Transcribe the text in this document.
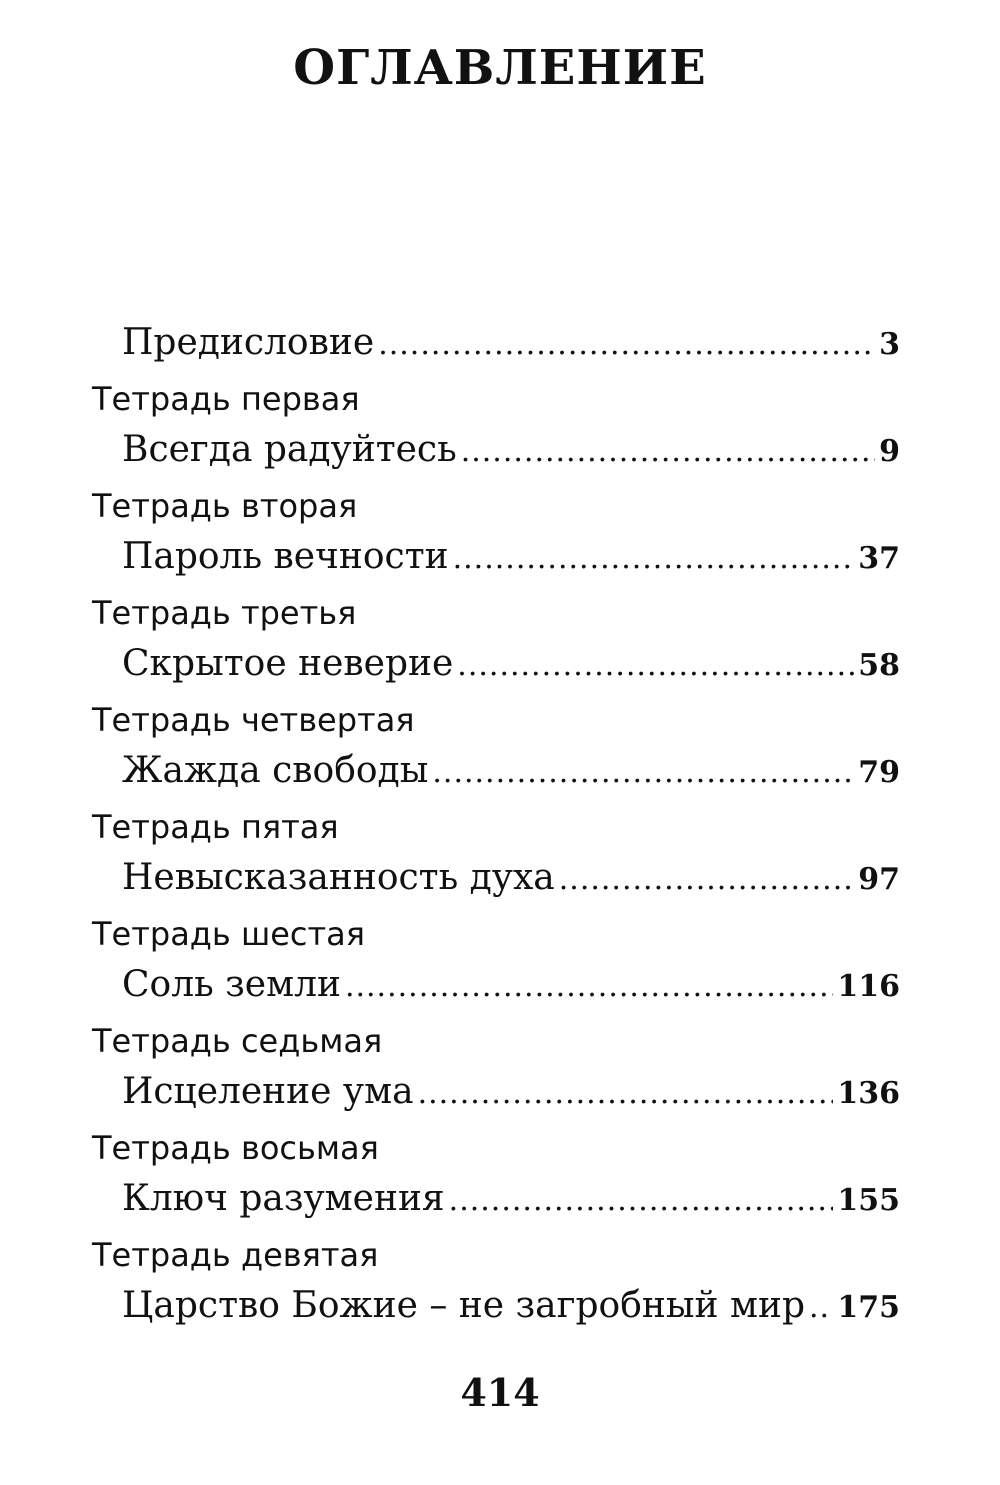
ОГЛАВЛЕНИЕ
Предисловие .....	3
Тетрадь первая
Всегда радуйтесь .....	9
Тетрадь вторая
Пароль вечности .....	37
Тетрадь третья
Скрытое неверие .....	58
Тетрадь четвертая
Жажда свободы .....	79
Тетрадь пятая
Невысказанность духа .....	97
Тетрадь шестая
Соль земли .....	116
Тетрадь седьмая
Исцеление ума .....	136
Тетрадь восьмая
Ключ разумения .....	155
Тетрадь девятая
Царство Божие – не загробный мир ..... 175
414
